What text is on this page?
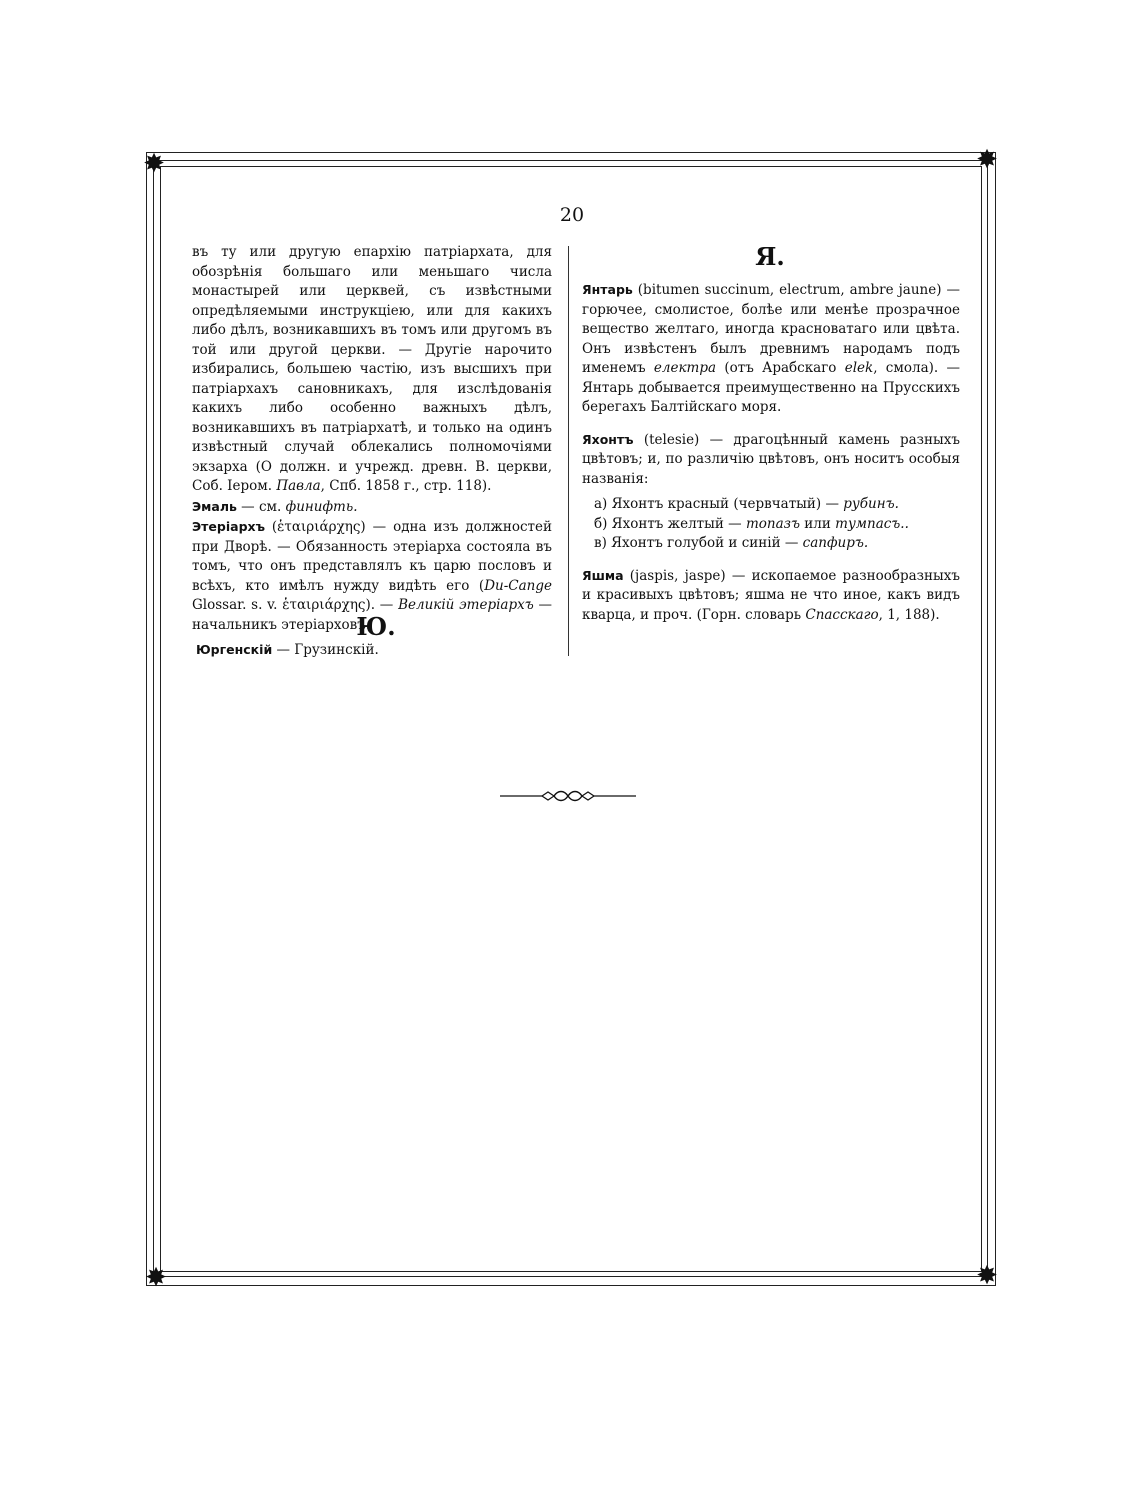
✸	✸
✸	✸
20

въ ту или другую епархію патріархата, для обозрѣнія большаго или меньшаго числа монастырей или церквей, съ извѣстными опредѣляемыми инструкціею, или для какихъ либо дѣлъ, возникавшихъ въ томъ или другомъ въ той или другой церкви. — Другіе нарочито избирались, большею частію, изъ высшихъ при патріархахъ сановникахъ, для изслѣдованія какихъ либо особенно важныхъ дѣлъ, возникавшихъ въ патріархатѣ, и только на одинъ извѣстный случай облекались полномочіями экзарха (О должн. и учрежд. древн. В. церкви, Соб. Іером. Павла, Спб. 1858 г., стр. 118).

Эмаль — см. финифть.

Этеріархъ (ἑταιριάρχης) — одна изъ должностей при Дворѣ. — Обязанность этеріарха состояла въ томъ, что онъ представлялъ къ царю пословъ и всѣхъ, кто имѣлъ нужду видѣть его (Du-Cange Glossar. s. v. ἑταιριάρχης). — Великій этеріархъ — начальникъ этеріарховъ.

Ю.
Юргенскій — Грузинскій.
Я.

Янтарь (bitumen succinum, electrum, ambre jaune) — горючее, смолистое, болѣе или менѣе прозрачное вещество желтаго, иногда красноватаго или цвѣта. Онъ извѣстенъ былъ древнимъ народамъ подъ именемъ електра (отъ Арабскаго elek, смола). — Янтарь добывается преимущественно на Прусскихъ берегахъ Балтійскаго моря.

Яхонтъ (telesie) — драгоцѣнный камень разныхъ цвѣтовъ; и, по различію цвѣтовъ, онъ носитъ особыя названія:

а) Яхонтъ красный (червчатый) — рубинъ.

б) Яхонтъ желтый — топазъ или тумпасъ..

в) Яхонтъ голубой и синій — сапфиръ.

Яшма (jaspis, jaspe) — ископаемое разнообразныхъ и красивыхъ цвѣтовъ; яшма не что иное, какъ видъ кварца, и проч. (Горн. словарь Спасскаго, 1, 188).
